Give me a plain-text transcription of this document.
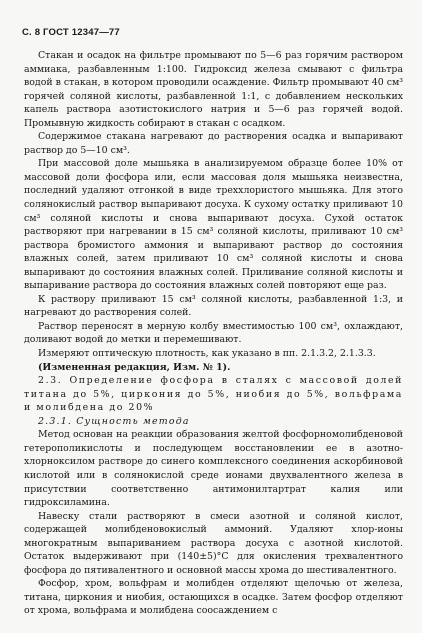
С. 8 ГОСТ 12347—77

Стакан и осадок на фильтре промывают по 5—6 раз горячим раствором аммиака, разбавленным 1:100. Гидроксид железа смывают с фильтра водой в стакан, в котором проводили осаждение. Фильтр промывают 40 см³ горячей соляной кислоты, разбавленной 1:1, с добавлением нескольких капель раствора азотистокислого натрия и 5—6 раз горячей водой. Промывную жидкость собирают в стакан с осадком.

Содержимое стакана нагревают до растворения осадка и выпаривают раствор до 5—10 см³.

При массовой доле мышьяка в анализируемом образце более 10% от массовой доли фосфора или, если массовая доля мышьяка неизвестна, последний удаляют отгонкой в виде треххлористого мышьяка. Для этого солянокислый раствор выпаривают досуха. К сухому остатку приливают 10 см³ соляной кислоты и снова выпаривают досуха. Сухой остаток растворяют при нагревании в 15 см³ соляной кислоты, приливают 10 см³ раствора бромистого аммония и выпаривают раствор до состояния влажных солей, затем приливают 10 см³ соляной кислоты и снова выпаривают до состояния влажных солей. Приливание соляной кислоты и выпаривание раствора до состояния влажных солей повторяют еще раз.

К раствору приливают 15 см³ соляной кислоты, разбавленной 1:3, и нагревают до растворения солей.

Раствор переносят в мерную колбу вместимостью 100 см³, охлаждают, доливают водой до метки и перемешивают.

Измеряют оптическую плотность, как указано в пп. 2.1.3.2, 2.1.3.3.

(Измененная редакция, Изм. № 1).

2.3. Определение фосфора в сталях с массовой долей титана до 5%, циркония до 5%, ниобия до 5%, вольфрама и молибдена до 20%

2.3.1. Сущность метода

Метод основан на реакции образования желтой фосфорномолибденовой гетерополикислоты и последующем восстановлении ее в азотно-хлорноксилом растворе до синего комплексного соединения аскорбиновой кислотой или в солянокислой среде ионами двухвалентного железа в присутствии соответственно антимонилтартрат калия или гидроксиламина.

Навеску стали растворяют в смеси азотной и соляной кислот, содержащей молибденовокислый аммоний. Удаляют хлор-ионы многократным выпариванием раствора досуха с азотной кислотой. Остаток выдерживают при (140±5)°С для окисления трехвалентного фосфора до пятивалентного и основной массы хрома до шестивалентного.

Фосфор, хром, вольфрам и молибден отделяют щелочью от железа, титана, циркония и ниобия, остающихся в осадке. Затем фосфор отделяют от хрома, вольфрама и молибдена соосаждением с
